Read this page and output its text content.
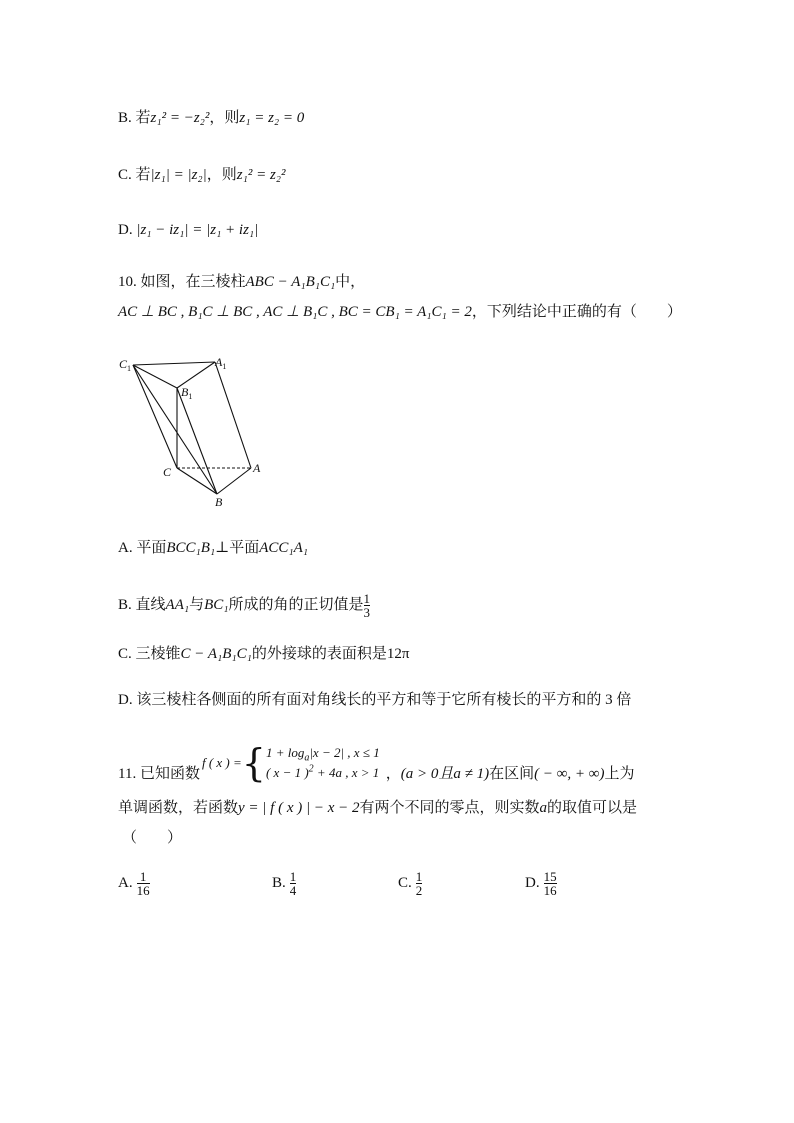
B. 若z₁² = −z₂²，则z₁ = z₂ = 0
C. 若|z₁| = |z₂|，则z₁² = z₂²
D. |z₁ − iz₁| = |z₁ + iz₁|
10. 如图，在三棱柱ABC − A₁B₁C₁中，
AC ⊥ BC , B₁C ⊥ BC , AC ⊥ B₁C , BC = CB₁ = A₁C₁ = 2，下列结论中正确的有（　　）
$C_1$	$A_1$
$B_1$
C	A
B
A. 平面BCC₁B₁⊥平面ACC₁A₁
B. 直线AA₁与BC₁所成的角的正切值是 $\frac{1}{3}$
C. 三棱锥C − A₁B₁C₁的外接球的表面积是12π
D. 该三棱柱各侧面的所有面对角线长的平方和等于它所有棱长的平方和的 3 倍
11.
已知函数
f ( x ) = { $1 + \log_a|x - 2|$ , x ≤ 1
( x − 1 )$^2$ + 4a , x > 1 ， (a > 0且a ≠ 1) 在区间 ( − ∞, + ∞) 上为
单调函数，若函数y = | f ( x ) | − x − 2有两个不同的零点，则实数a的取值可以是
（　　）
A. $\frac{1}{16}$	B. $\frac{1}{4}$	C. $\frac{1}{2}$	D. $\frac{15}{16}$
